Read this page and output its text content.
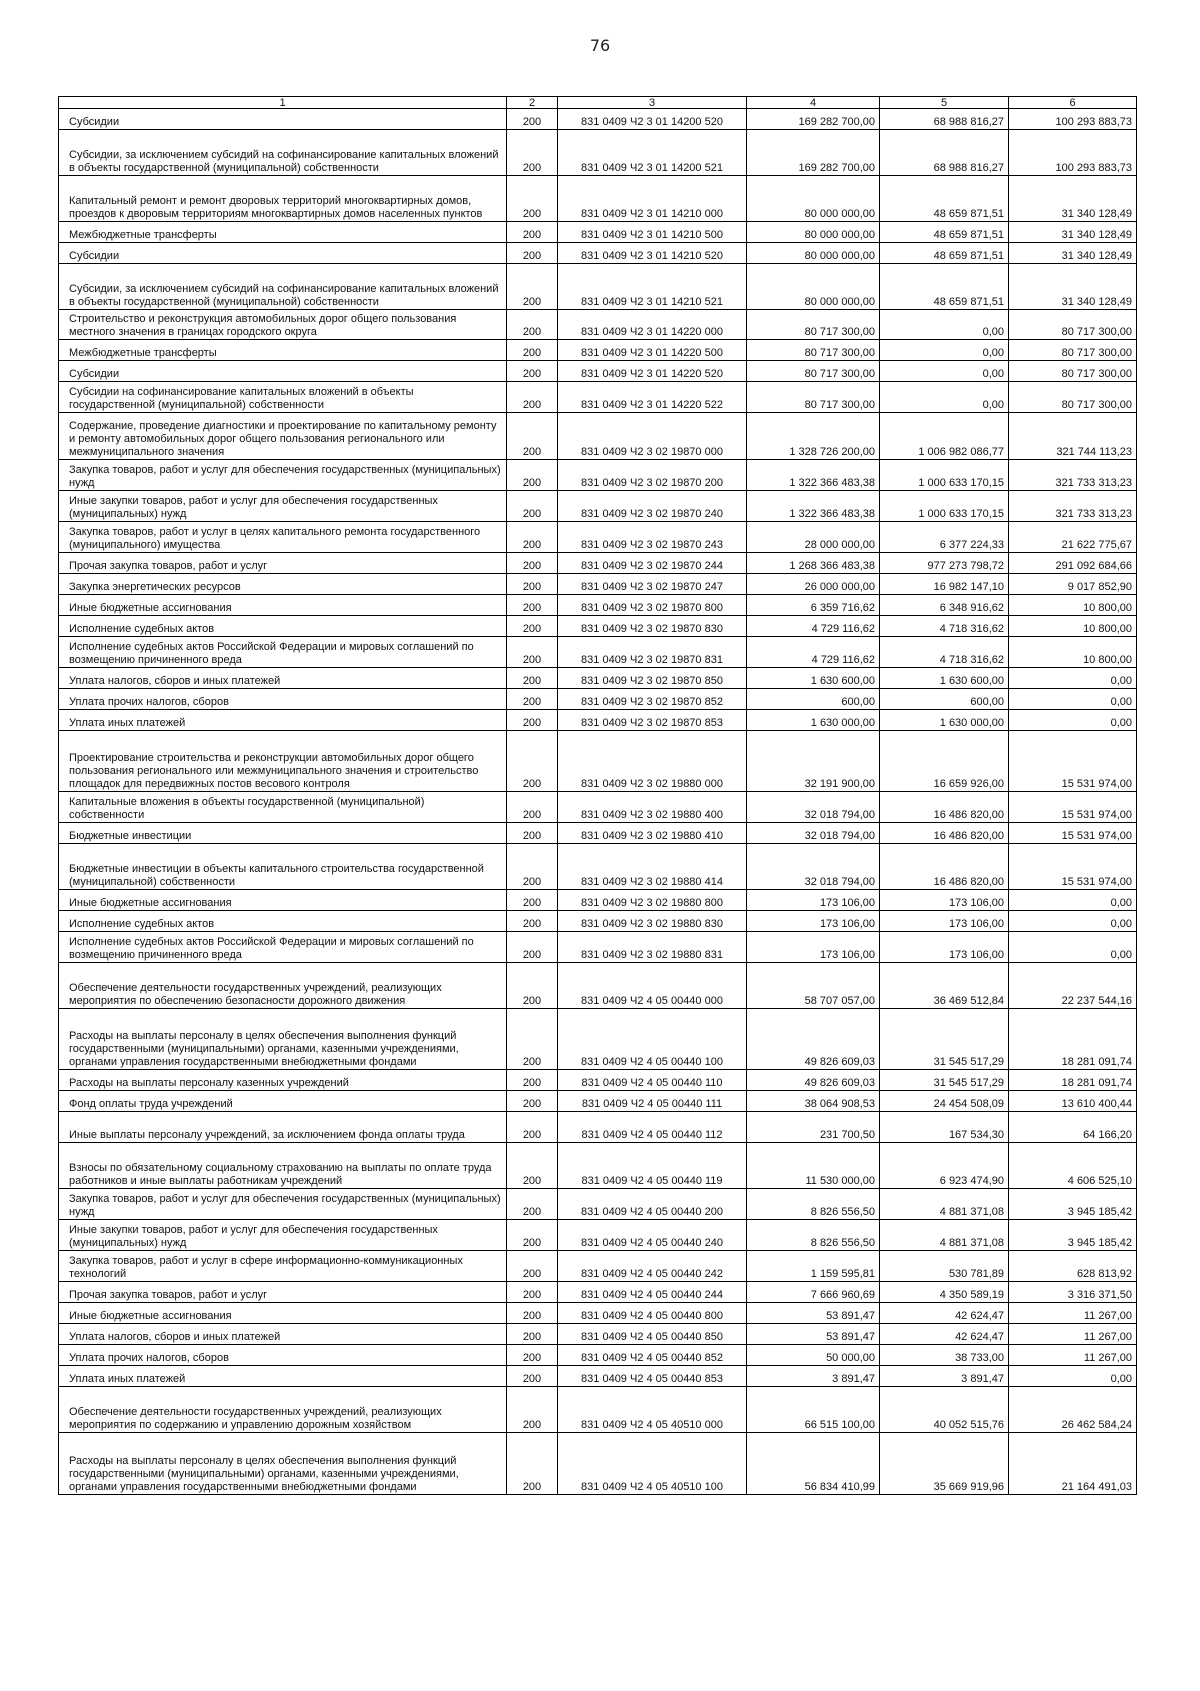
76
1	2	3	4	5	6
Субсидии	200	831 0409 Ч2 3 01 14200 520	169 282 700,00	68 988 816,27	100 293 883,73
Субсидии, за исключением субсидий на софинансирование капитальных вложений в объекты государственной (муниципальной) собственности	200	831 0409 Ч2 3 01 14200 521	169 282 700,00	68 988 816,27	100 293 883,73
Капитальный ремонт и ремонт дворовых территорий многоквартирных домов, проездов к дворовым территориям многоквартирных домов населенных пунктов	200	831 0409 Ч2 3 01 14210 000	80 000 000,00	48 659 871,51	31 340 128,49
Межбюджетные трансферты	200	831 0409 Ч2 3 01 14210 500	80 000 000,00	48 659 871,51	31 340 128,49
Субсидии	200	831 0409 Ч2 3 01 14210 520	80 000 000,00	48 659 871,51	31 340 128,49
Субсидии, за исключением субсидий на софинансирование капитальных вложений в объекты государственной (муниципальной) собственности	200	831 0409 Ч2 3 01 14210 521	80 000 000,00	48 659 871,51	31 340 128,49
Строительство и реконструкция автомобильных дорог общего пользования местного значения в границах городского округа	200	831 0409 Ч2 3 01 14220 000	80 717 300,00	0,00	80 717 300,00
Межбюджетные трансферты	200	831 0409 Ч2 3 01 14220 500	80 717 300,00	0,00	80 717 300,00
Субсидии	200	831 0409 Ч2 3 01 14220 520	80 717 300,00	0,00	80 717 300,00
Субсидии на софинансирование капитальных вложений в объекты государственной (муниципальной) собственности	200	831 0409 Ч2 3 01 14220 522	80 717 300,00	0,00	80 717 300,00
Содержание, проведение диагностики и проектирование по капитальному ремонту и ремонту автомобильных дорог общего пользования регионального или межмуниципального значения	200	831 0409 Ч2 3 02 19870 000	1 328 726 200,00	1 006 982 086,77	321 744 113,23
Закупка товаров, работ и услуг для обеспечения государственных (муниципальных) нужд	200	831 0409 Ч2 3 02 19870 200	1 322 366 483,38	1 000 633 170,15	321 733 313,23
Иные закупки товаров, работ и услуг для обеспечения государственных (муниципальных) нужд	200	831 0409 Ч2 3 02 19870 240	1 322 366 483,38	1 000 633 170,15	321 733 313,23
Закупка товаров, работ и услуг в целях капитального ремонта государственного (муниципального) имущества	200	831 0409 Ч2 3 02 19870 243	28 000 000,00	6 377 224,33	21 622 775,67
Прочая закупка товаров, работ и услуг	200	831 0409 Ч2 3 02 19870 244	1 268 366 483,38	977 273 798,72	291 092 684,66
Закупка энергетических ресурсов	200	831 0409 Ч2 3 02 19870 247	26 000 000,00	16 982 147,10	9 017 852,90
Иные бюджетные ассигнования	200	831 0409 Ч2 3 02 19870 800	6 359 716,62	6 348 916,62	10 800,00
Исполнение судебных актов	200	831 0409 Ч2 3 02 19870 830	4 729 116,62	4 718 316,62	10 800,00
Исполнение судебных актов Российской Федерации и мировых соглашений по возмещению причиненного вреда	200	831 0409 Ч2 3 02 19870 831	4 729 116,62	4 718 316,62	10 800,00
Уплата налогов, сборов и иных платежей	200	831 0409 Ч2 3 02 19870 850	1 630 600,00	1 630 600,00	0,00
Уплата прочих налогов, сборов	200	831 0409 Ч2 3 02 19870 852	600,00	600,00	0,00
Уплата иных платежей	200	831 0409 Ч2 3 02 19870 853	1 630 000,00	1 630 000,00	0,00
Проектирование строительства и реконструкции автомобильных дорог общего пользования регионального или межмуниципального значения и строительство площадок для передвижных постов весового контроля	200	831 0409 Ч2 3 02 19880 000	32 191 900,00	16 659 926,00	15 531 974,00
Капитальные вложения в объекты государственной (муниципальной) собственности	200	831 0409 Ч2 3 02 19880 400	32 018 794,00	16 486 820,00	15 531 974,00
Бюджетные инвестиции	200	831 0409 Ч2 3 02 19880 410	32 018 794,00	16 486 820,00	15 531 974,00
Бюджетные инвестиции в объекты капитального строительства государственной (муниципальной) собственности	200	831 0409 Ч2 3 02 19880 414	32 018 794,00	16 486 820,00	15 531 974,00
Иные бюджетные ассигнования	200	831 0409 Ч2 3 02 19880 800	173 106,00	173 106,00	0,00
Исполнение судебных актов	200	831 0409 Ч2 3 02 19880 830	173 106,00	173 106,00	0,00
Исполнение судебных актов Российской Федерации и мировых соглашений по возмещению причиненного вреда	200	831 0409 Ч2 3 02 19880 831	173 106,00	173 106,00	0,00
Обеспечение деятельности государственных учреждений, реализующих мероприятия по обеспечению безопасности дорожного движения	200	831 0409 Ч2 4 05 00440 000	58 707 057,00	36 469 512,84	22 237 544,16
Расходы на выплаты персоналу в целях обеспечения выполнения функций государственными (муниципальными) органами, казенными учреждениями, органами управления государственными внебюджетными фондами	200	831 0409 Ч2 4 05 00440 100	49 826 609,03	31 545 517,29	18 281 091,74
Расходы на выплаты персоналу казенных учреждений	200	831 0409 Ч2 4 05 00440 110	49 826 609,03	31 545 517,29	18 281 091,74
Фонд оплаты труда учреждений	200	831 0409 Ч2 4 05 00440 111	38 064 908,53	24 454 508,09	13 610 400,44
Иные выплаты персоналу учреждений, за исключением фонда оплаты труда	200	831 0409 Ч2 4 05 00440 112	231 700,50	167 534,30	64 166,20
Взносы по обязательному социальному страхованию на выплаты по оплате труда работников и иные выплаты работникам учреждений	200	831 0409 Ч2 4 05 00440 119	11 530 000,00	6 923 474,90	4 606 525,10
Закупка товаров, работ и услуг для обеспечения государственных (муниципальных) нужд	200	831 0409 Ч2 4 05 00440 200	8 826 556,50	4 881 371,08	3 945 185,42
Иные закупки товаров, работ и услуг для обеспечения государственных (муниципальных) нужд	200	831 0409 Ч2 4 05 00440 240	8 826 556,50	4 881 371,08	3 945 185,42
Закупка товаров, работ и услуг в сфере информационно-коммуникационных технологий	200	831 0409 Ч2 4 05 00440 242	1 159 595,81	530 781,89	628 813,92
Прочая закупка товаров, работ и услуг	200	831 0409 Ч2 4 05 00440 244	7 666 960,69	4 350 589,19	3 316 371,50
Иные бюджетные ассигнования	200	831 0409 Ч2 4 05 00440 800	53 891,47	42 624,47	11 267,00
Уплата налогов, сборов и иных платежей	200	831 0409 Ч2 4 05 00440 850	53 891,47	42 624,47	11 267,00
Уплата прочих налогов, сборов	200	831 0409 Ч2 4 05 00440 852	50 000,00	38 733,00	11 267,00
Уплата иных платежей	200	831 0409 Ч2 4 05 00440 853	3 891,47	3 891,47	0,00
Обеспечение деятельности государственных учреждений, реализующих мероприятия по содержанию и управлению дорожным хозяйством	200	831 0409 Ч2 4 05 40510 000	66 515 100,00	40 052 515,76	26 462 584,24
Расходы на выплаты персоналу в целях обеспечения выполнения функций государственными (муниципальными) органами, казенными учреждениями, органами управления государственными внебюджетными фондами	200	831 0409 Ч2 4 05 40510 100	56 834 410,99	35 669 919,96	21 164 491,03
